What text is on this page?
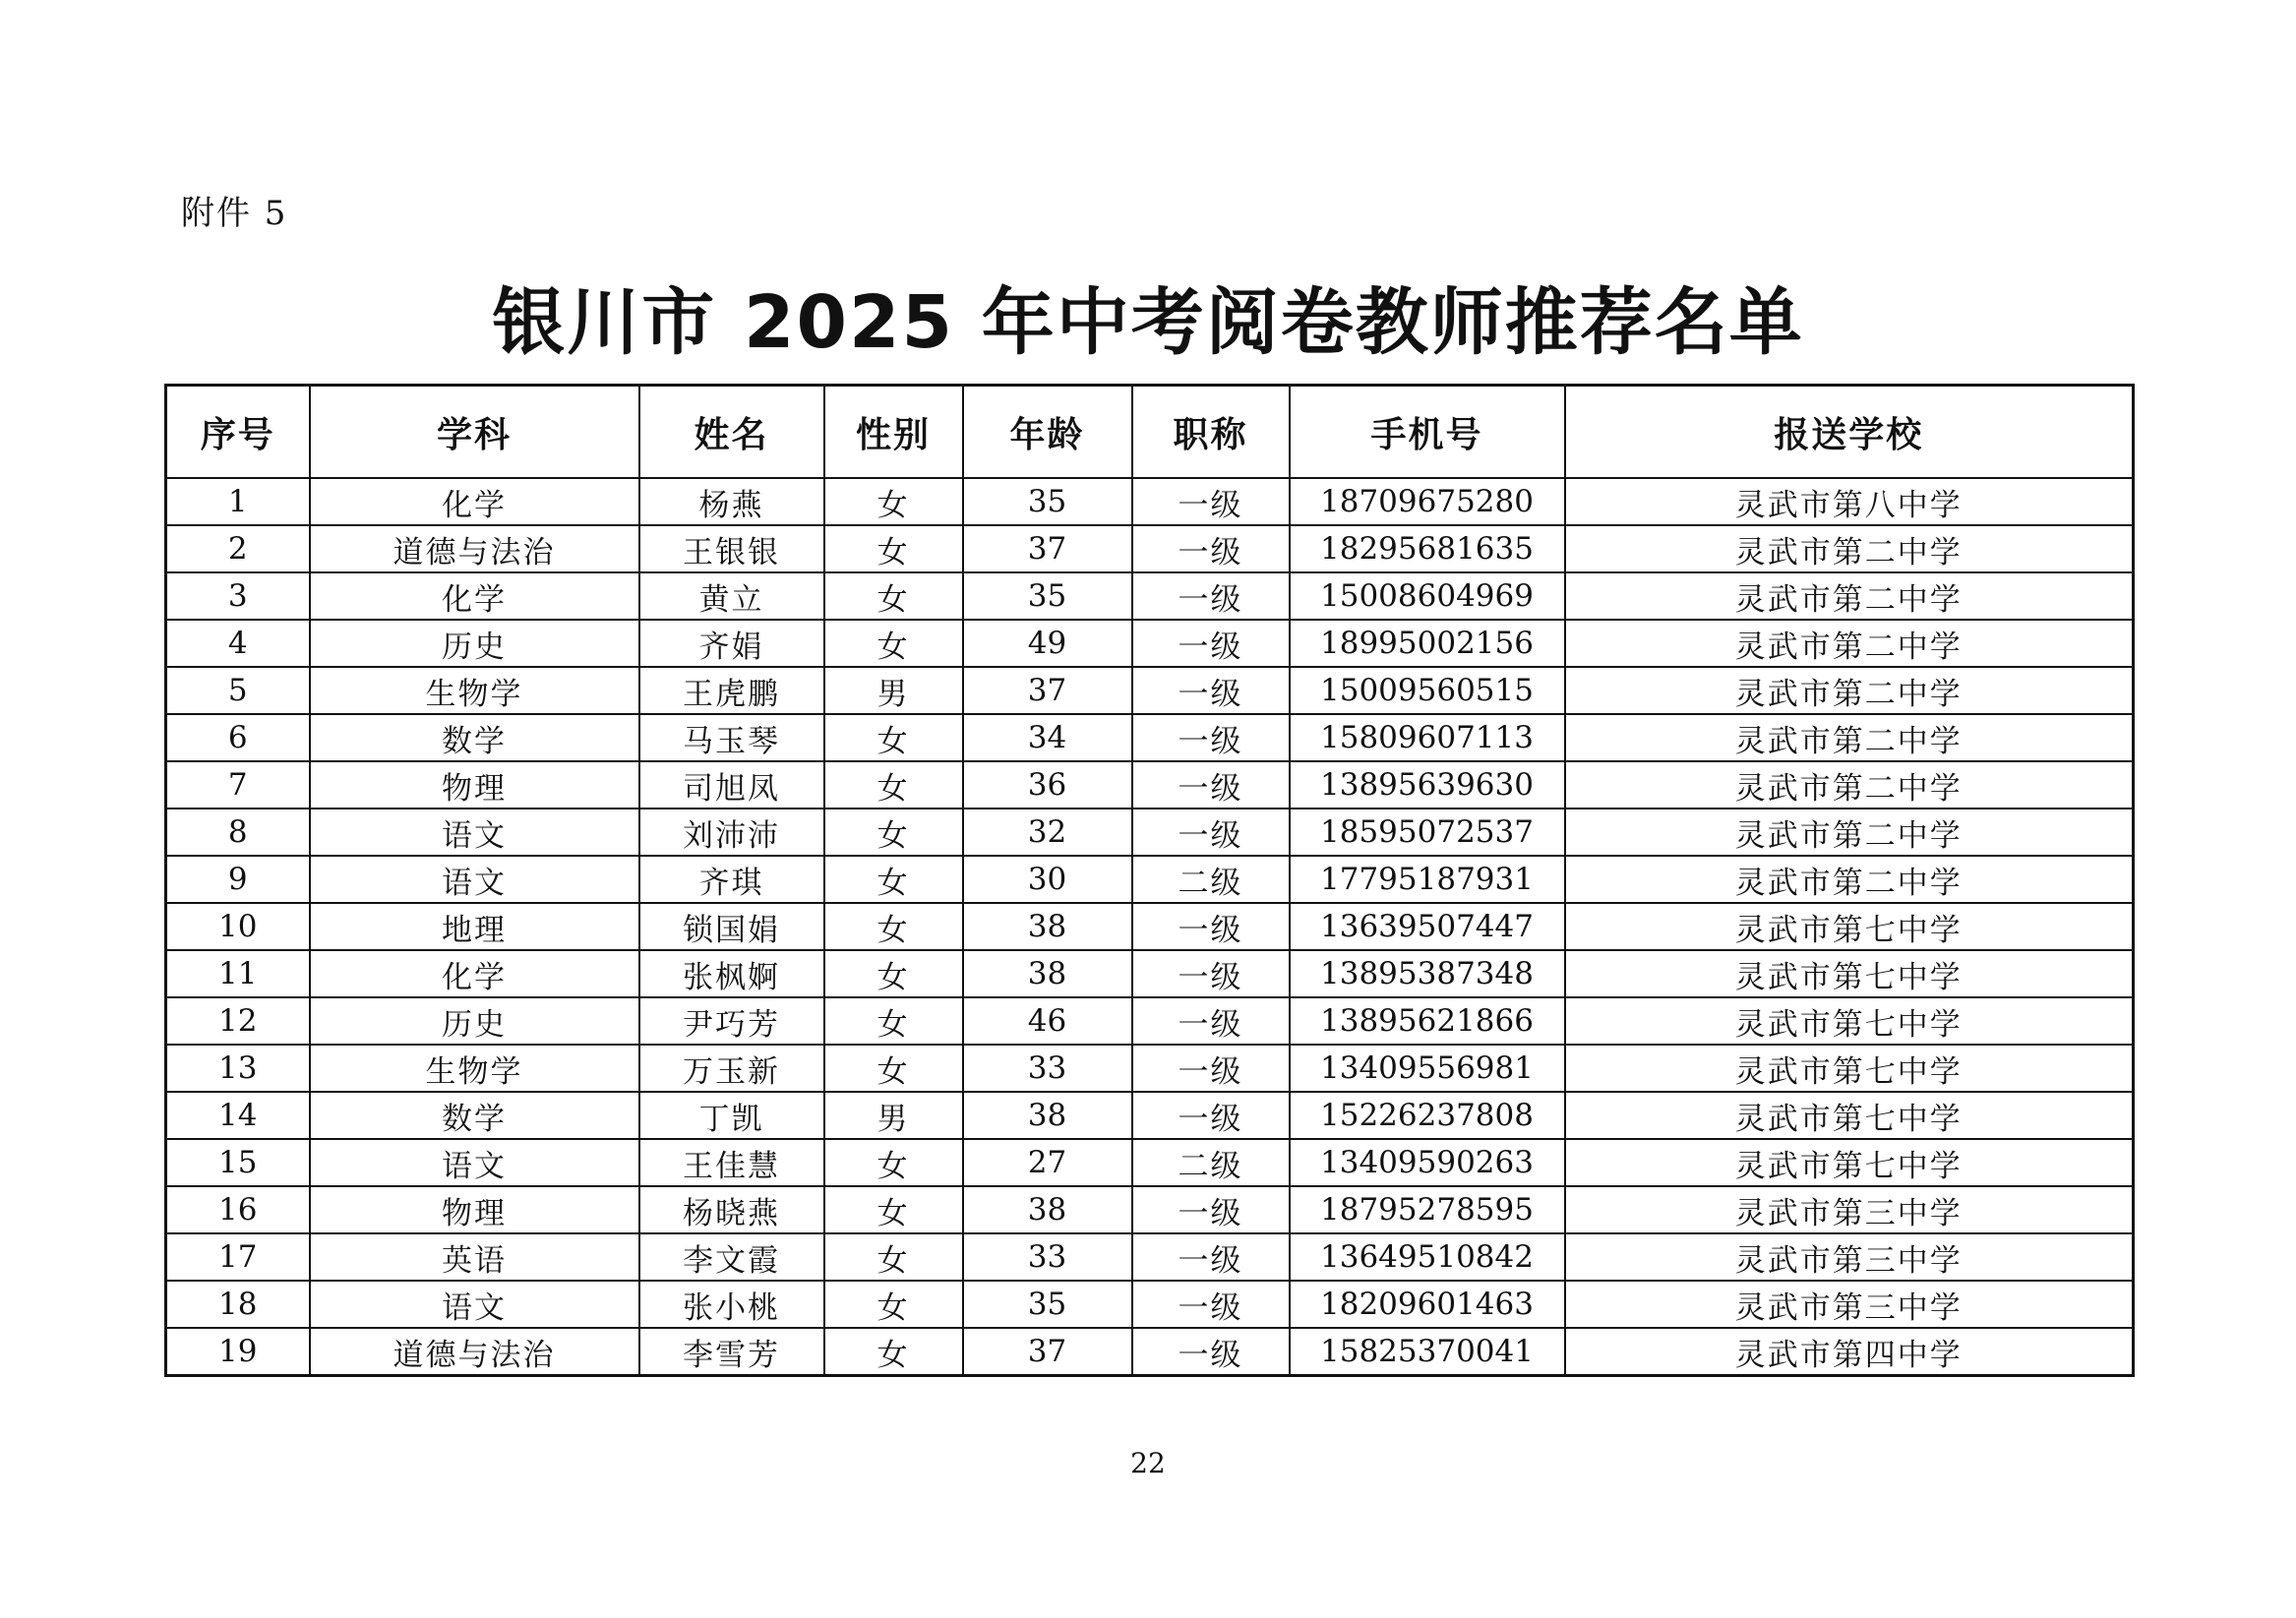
附件 5
银川市 2025 年中考阅卷教师推荐名单
序号	学科	姓名	性别	年龄	职称	手机号	报送学校
1	化学	杨燕	女	35	一级	18709675280	灵武市第八中学
2	道德与法治	王银银	女	37	一级	18295681635	灵武市第二中学
3	化学	黄立	女	35	一级	15008604969	灵武市第二中学
4	历史	齐娟	女	49	一级	18995002156	灵武市第二中学
5	生物学	王虎鹏	男	37	一级	15009560515	灵武市第二中学
6	数学	马玉琴	女	34	一级	15809607113	灵武市第二中学
7	物理	司旭凤	女	36	一级	13895639630	灵武市第二中学
8	语文	刘沛沛	女	32	一级	18595072537	灵武市第二中学
9	语文	齐琪	女	30	二级	17795187931	灵武市第二中学
10	地理	锁国娟	女	38	一级	13639507447	灵武市第七中学
11	化学	张枫婀	女	38	一级	13895387348	灵武市第七中学
12	历史	尹巧芳	女	46	一级	13895621866	灵武市第七中学
13	生物学	万玉新	女	33	一级	13409556981	灵武市第七中学
14	数学	丁凯	男	38	一级	15226237808	灵武市第七中学
15	语文	王佳慧	女	27	二级	13409590263	灵武市第七中学
16	物理	杨晓燕	女	38	一级	18795278595	灵武市第三中学
17	英语	李文霞	女	33	一级	13649510842	灵武市第三中学
18	语文	张小桃	女	35	一级	18209601463	灵武市第三中学
19	道德与法治	李雪芳	女	37	一级	15825370041	灵武市第四中学
22
